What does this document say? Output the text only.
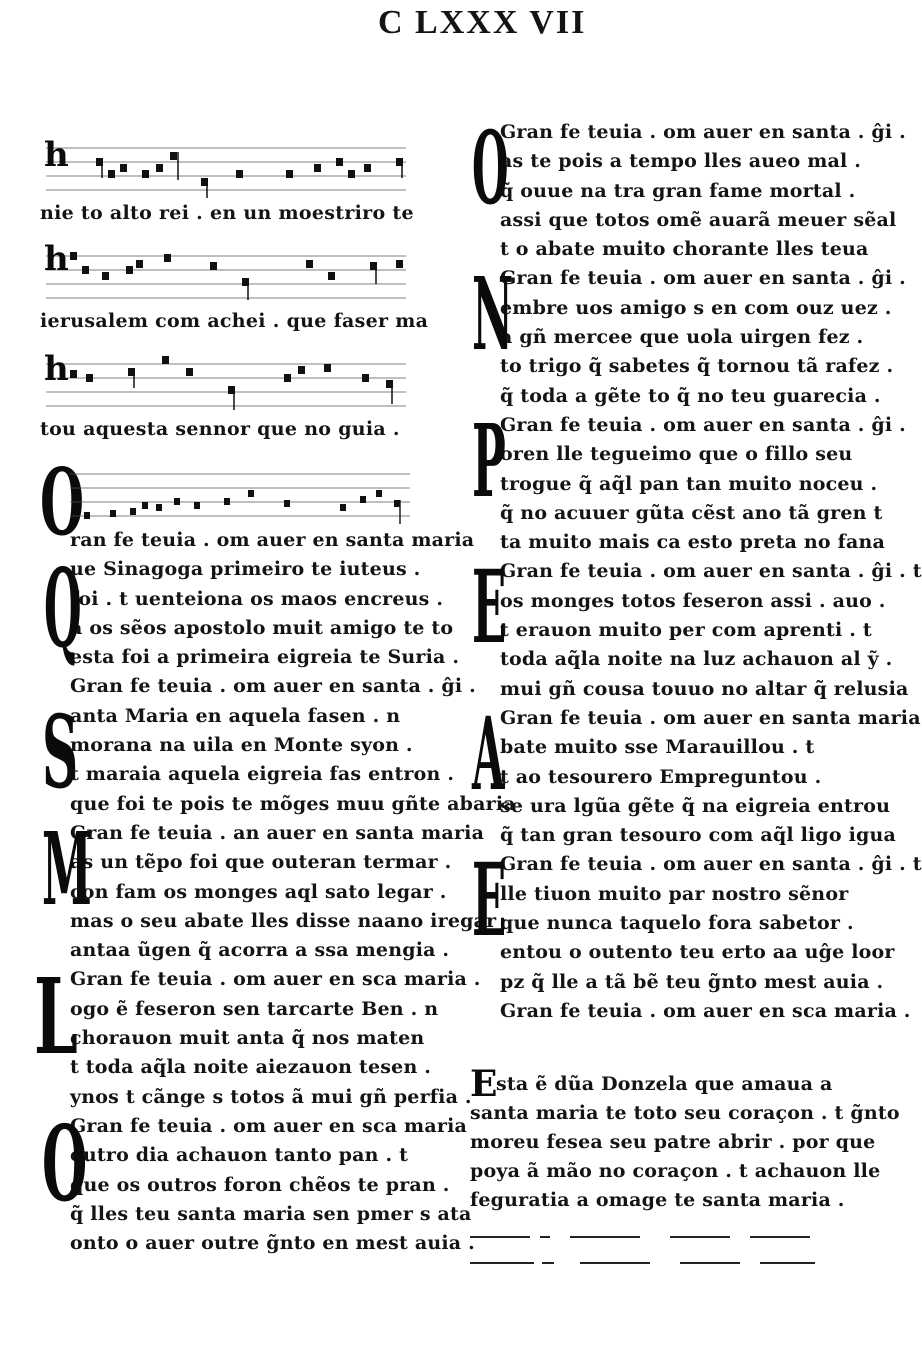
C LXXX VII
h
nie to alto rei . en un moestriro te
h
ierusalem com achei . que faser ma
h
tou aquesta sennor que no guia .
O
ran fe teuia . om auer en santa maria
Q
ue Sinagoga primeiro te iuteus .
foi . t uenteiona os maos encreus .
a os sẽos apostolo muit amigo te to
esta foi a primeira eigreia te Suria .
Gran fe teuia . om auer en santa . ĝi .
S
anta Maria en aquela fasen . n
morana na uila en Monte syon .
t maraia aquela eigreia fas entron .
que foi te pois te mõges muu gñte abaria
M
Gran fe teuia . an auer en santa maria
as un tẽpo foi que outeran termar .
con fam os monges aql sato legar .
mas o seu abate lles disse naano iregar
antaa ũgen q̃ acorra a ssa mengia .
L
Gran fe teuia . om auer en sca maria .
ogo ẽ feseron sen tarcarte Ben . n
chorauon muit anta q̃ nos maten
t toda aq̃la noite aiezauon tesen .
ynos t cãnge s totos ã mui gñ perfia .
O
Gran fe teuia . om auer en sca maria
outro dia achauon tanto pan . t
que os outros foron chẽos te pran .
q̃ lles teu santa maria sen pmer s ata
onto o auer outre g̃nto en mest auia .
O
Gran fe teuia . om auer en santa . ĝi .
as te pois a tempo lles aueo mal .
q̃ ouue na tra gran fame mortal .
assi que totos omẽ auarã meuer sẽal
t o abate muito chorante lles teua
N
Gran fe teuia . om auer en santa . ĝi .
embre uos amigo s en com ouz uez .
a gñ mercee que uola uirgen fez .
to trigo q̃ sabetes q̃ tornou tã rafez .
q̃ toda a gẽte to q̃ no teu guarecia .
P
Gran fe teuia . om auer en santa . ĝi .
oren lle tegueimo que o fillo seu
trogue q̃ aq̃l pan tan muito noceu .
q̃ no acuuer gũta cẽst ano tã gren t
ta muito mais ca esto preta no fana
E
Gran fe teuia . om auer en santa . ĝi . t
os monges totos feseron assi . auo .
t erauon muito per com aprenti . t
toda aq̃la noite na luz achauon al ỹ .
mui gñ cousa touuo no altar q̃ relusia
A
Gran fe teuia . om auer en santa maria
bate muito sse Marauillou . t
t ao tesourero Empreguntou .
se ura lgũa gẽte q̃ na eigreia entrou
q̃ tan gran tesouro com aq̃l ligo igua
E
Gran fe teuia . om auer en santa . ĝi . t
lle tiuon muito par nostro sẽnor
que nunca taquelo fora sabetor .
entou o outento teu erto aa uĝe loor
pz q̃ lle a tã bẽ teu g̃nto mest auia .
Gran fe teuia . om auer en sca maria .
E
sta ẽ dũa Donzela que amaua a
santa maria te toto seu coraçon . t g̃nto
moreu fesea seu patre abrir . por que
poya ã mão no coraçon . t achauon lle
feguratia a omage te santa maria .
